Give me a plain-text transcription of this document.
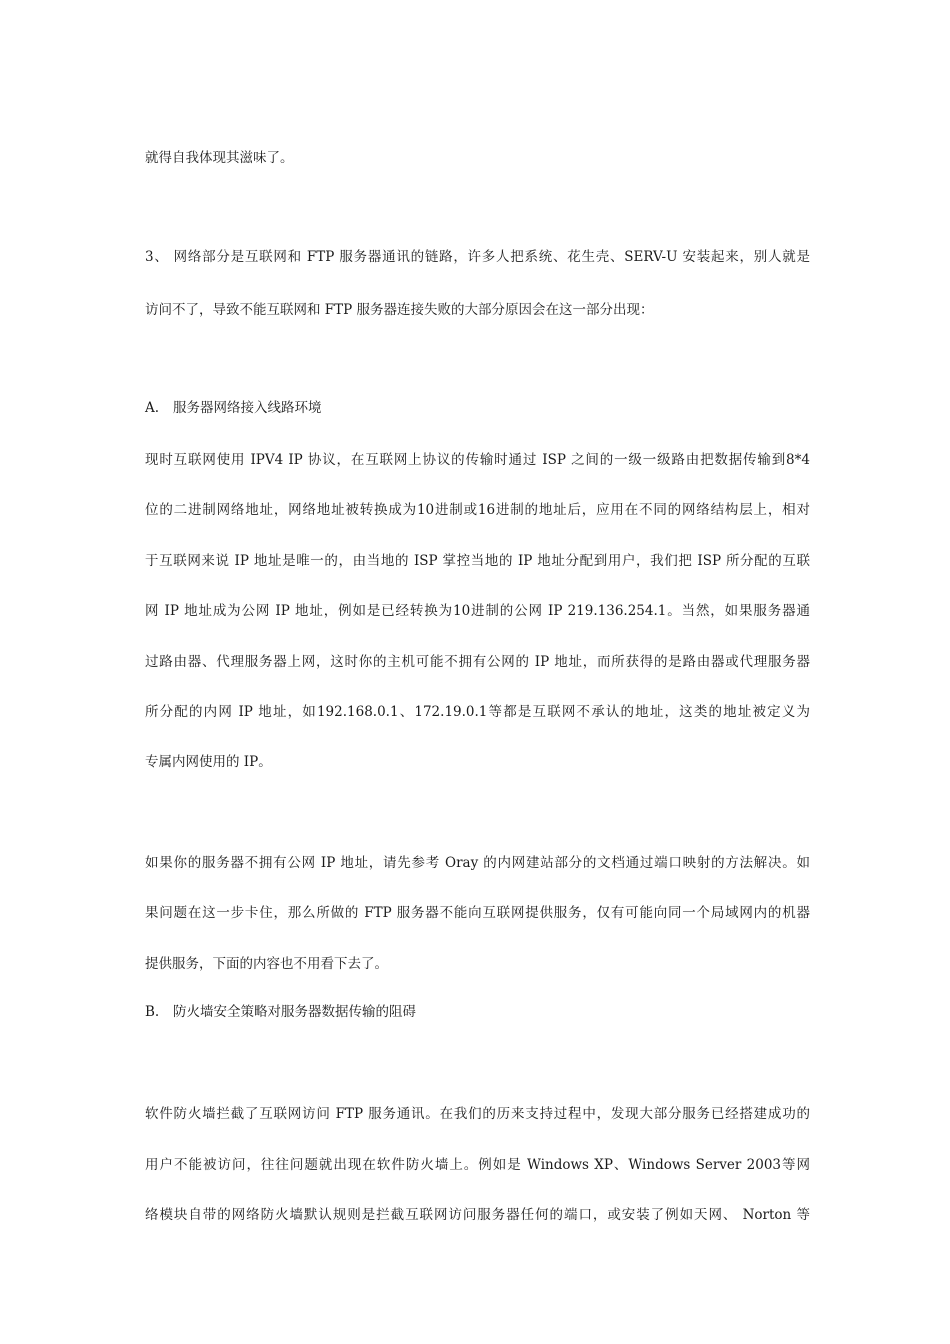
就得自我体现其滋味了。
3、 网络部分是互联网和 FTP 服务器通讯的链路，许多人把系统、花生壳、SERV-U 安装起来，别人就是
访问不了，导致不能互联网和 FTP 服务器连接失败的大部分原因会在这一部分出现：
A. 服务器网络接入线路环境
现时互联网使用 IPV4 IP 协议，在互联网上协议的传输时通过 ISP 之间的一级一级路由把数据传输到8*4
位的二进制网络地址，网络地址被转换成为10进制或16进制的地址后，应用在不同的网络结构层上，相对
于互联网来说 IP 地址是唯一的，由当地的 ISP 掌控当地的 IP 地址分配到用户，我们把 ISP 所分配的互联
网 IP 地址成为公网 IP 地址，例如是已经转换为10进制的公网 IP 219.136.254.1。当然，如果服务器通
过路由器、代理服务器上网，这时你的主机可能不拥有公网的 IP 地址，而所获得的是路由器或代理服务器
所分配的内网 IP 地址，如192.168.0.1、172.19.0.1等都是互联网不承认的地址，这类的地址被定义为
专属内网使用的 IP。
如果你的服务器不拥有公网 IP 地址，请先参考 Oray 的内网建站部分的文档通过端口映射的方法解决。如
果问题在这一步卡住，那么所做的 FTP 服务器不能向互联网提供服务，仅有可能向同一个局域网内的机器
提供服务，下面的内容也不用看下去了。
B. 防火墙安全策略对服务器数据传输的阻碍
软件防火墙拦截了互联网访问 FTP 服务通讯。在我们的历来支持过程中，发现大部分服务已经搭建成功的
用户不能被访问，往往问题就出现在软件防火墙上。例如是 Windows XP、Windows Server 2003等网
络模块自带的网络防火墙默认规则是拦截互联网访问服务器任何的端口，或安装了例如天网、 Norton 等
